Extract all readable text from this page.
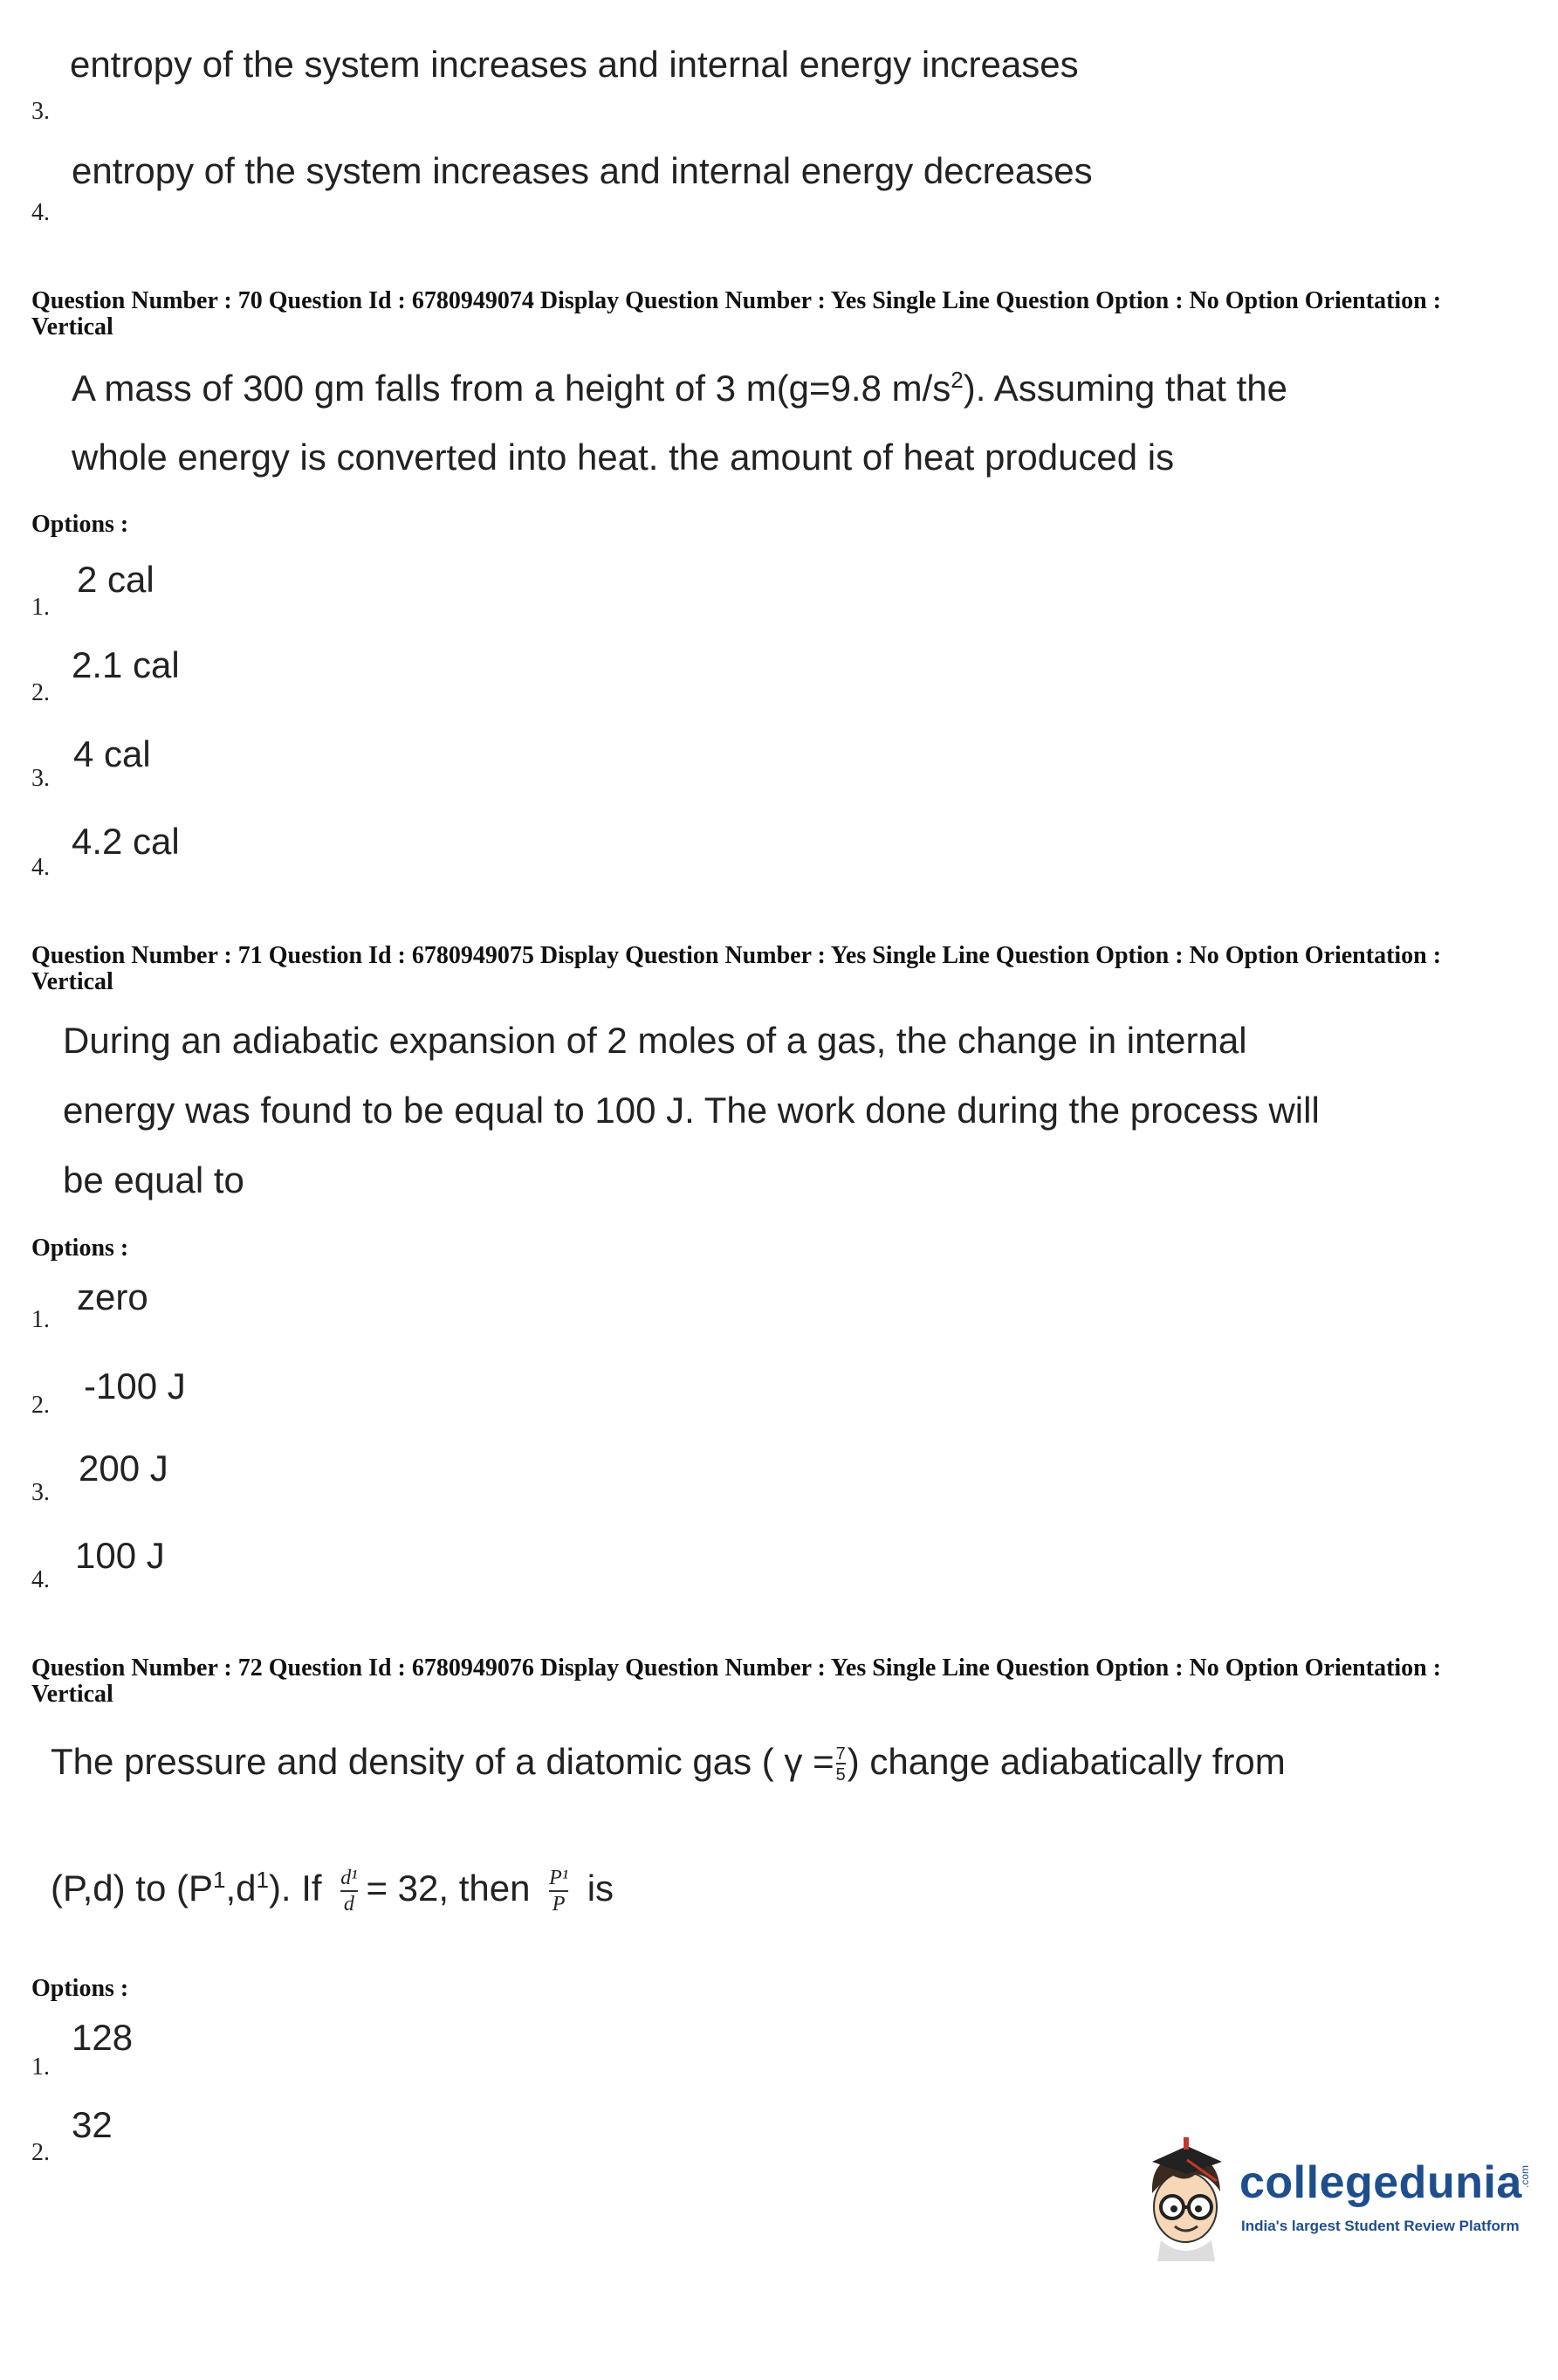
entropy of the system increases and internal energy increases
3.
entropy of the system increases and internal energy decreases
4.
Question Number : 70 Question Id : 6780949074 Display Question Number : Yes Single Line Question Option : No Option Orientation : Vertical
A mass of 300 gm falls from a height of 3 m(g=9.8 $m/s^2$). Assuming that the
whole energy is converted into heat. the amount of heat produced is
Options :
2 cal
1.
2.1 cal
2.
4 cal
3.
4.2 cal
4.
Question Number : 71 Question Id : 6780949075 Display Question Number : Yes Single Line Question Option : No Option Orientation : Vertical
During an adiabatic expansion of 2 moles of a gas, the change in internal
energy was found to be equal to 100 J. The work done during the process will
be equal to
Options :
zero
1.
-100 J
2.
200 J
3.
100 J
4.
Question Number : 72 Question Id : 6780949076 Display Question Number : Yes Single Line Question Option : No Option Orientation : Vertical
The pressure and density of a diatomic gas ( $\gamma = \frac{7}{5}$ ) change adiabatically from
(P,d) to $(P^1,d^1)$. If $\frac{\text{d¹}}{d} = 32$, then $\frac{\text{P¹}}{P}$ is
Options :
128
1.
32
2.
collegedunia
.com
India's largest Student Review Platform
